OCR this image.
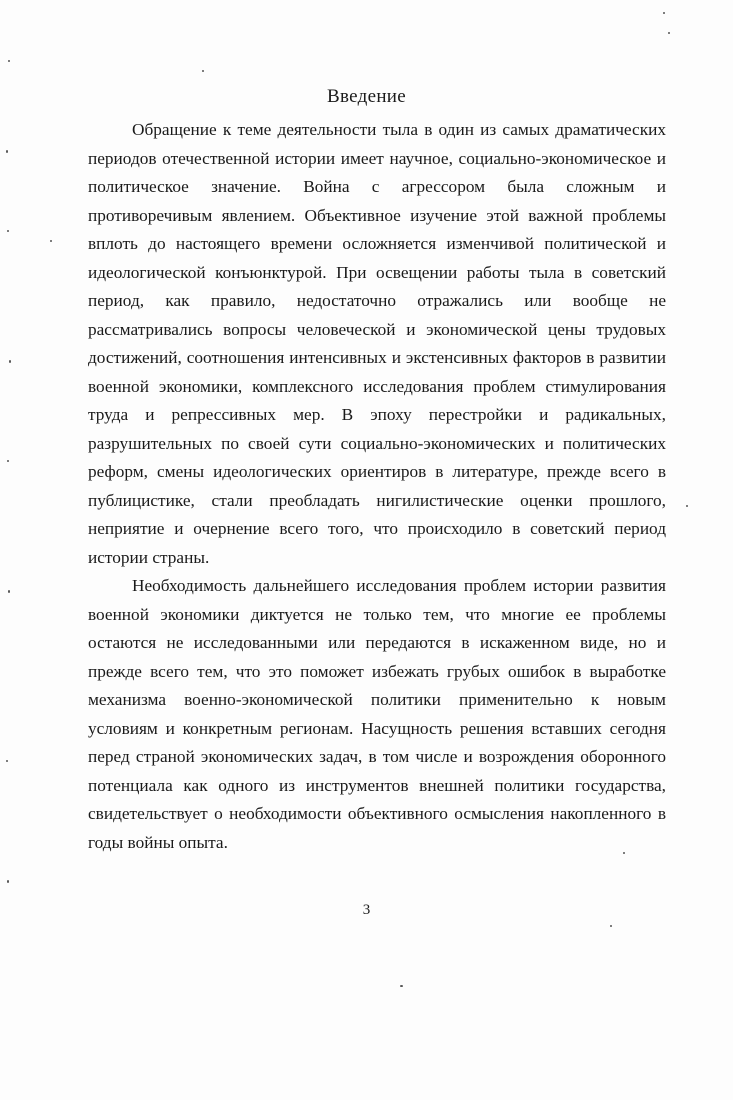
Введение

Обращение к теме деятельности тыла в один из самых драматических периодов отечественной истории имеет научное, социально-экономическое и политическое значение. Война с агрессором была сложным и противоречивым явлением. Объективное изучение этой важной проблемы вплоть до настоящего времени осложняется изменчивой политической и идеологической конъюнктурой. При освещении работы тыла в советский период, как правило, недостаточно отражались или вообще не рассматривались вопросы человеческой и экономической цены трудовых достижений, соотношения интенсивных и экстенсивных факторов в развитии военной экономики, комплексного исследования проблем стимулирования труда и репрессивных мер. В эпоху перестройки и радикальных, разрушительных по своей сути социально-экономических и политических реформ, смены идеологических ориентиров в литературе, прежде всего в публицистике, стали преобладать нигилистические оценки прошлого, неприятие и очернение всего того, что происходило в советский период истории страны.

Необходимость дальнейшего исследования проблем истории развития военной экономики диктуется не только тем, что многие ее проблемы остаются не исследованными или передаются в искаженном виде, но и прежде всего тем, что это поможет избежать грубых ошибок в выработке механизма военно-экономической политики применительно к новым условиям и конкретным регионам. Насущность решения вставших сегодня перед страной экономических задач, в том числе и возрождения оборонного потенциала как одного из инструментов внешней политики государства, свидетельствует о необходимости объективного осмысления накопленного в годы войны опыта.

3
